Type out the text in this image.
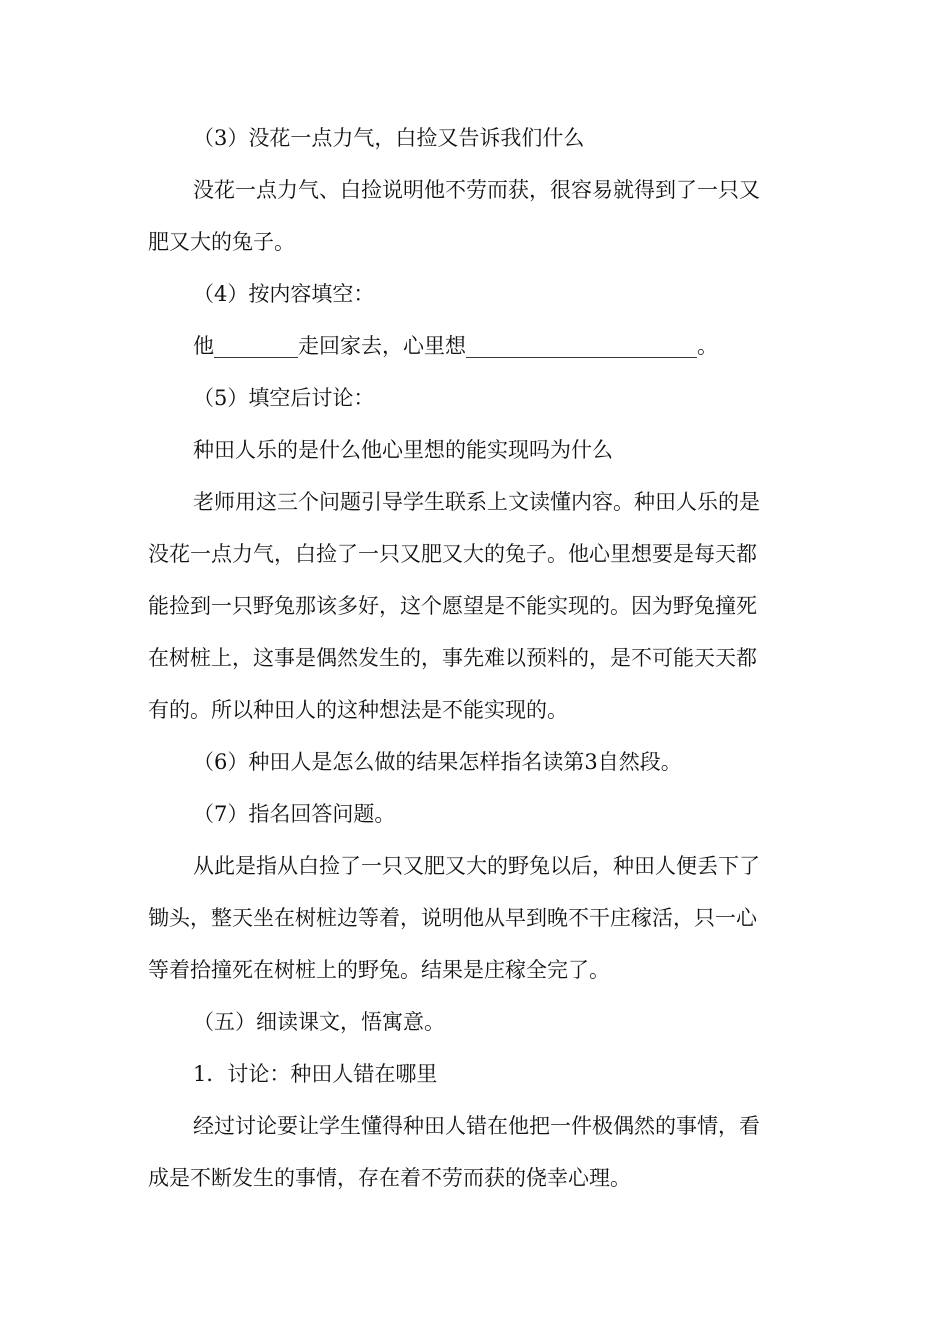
（3）没花一点力气，白捡又告诉我们什么

没花一点力气、白捡说明他不劳而获，很容易就得到了一只又

肥又大的兔子。

（4）按内容填空：

他________走回家去，心里想______________________。

（5）填空后讨论：

种田人乐的是什么他心里想的能实现吗为什么

老师用这三个问题引导学生联系上文读懂内容。种田人乐的是

没花一点力气，白捡了一只又肥又大的兔子。他心里想要是每天都

能捡到一只野兔那该多好，这个愿望是不能实现的。因为野兔撞死

在树桩上，这事是偶然发生的，事先难以预料的，是不可能天天都

有的。所以种田人的这种想法是不能实现的。

（6）种田人是怎么做的结果怎样指名读第3自然段。

（7）指名回答问题。

从此是指从白捡了一只又肥又大的野兔以后，种田人便丢下了

锄头，整天坐在树桩边等着，说明他从早到晚不干庄稼活，只一心

等着拾撞死在树桩上的野兔。结果是庄稼全完了。

（五）细读课文，悟寓意。

1．讨论：种田人错在哪里

经过讨论要让学生懂得种田人错在他把一件极偶然的事情，看

成是不断发生的事情，存在着不劳而获的侥幸心理。
